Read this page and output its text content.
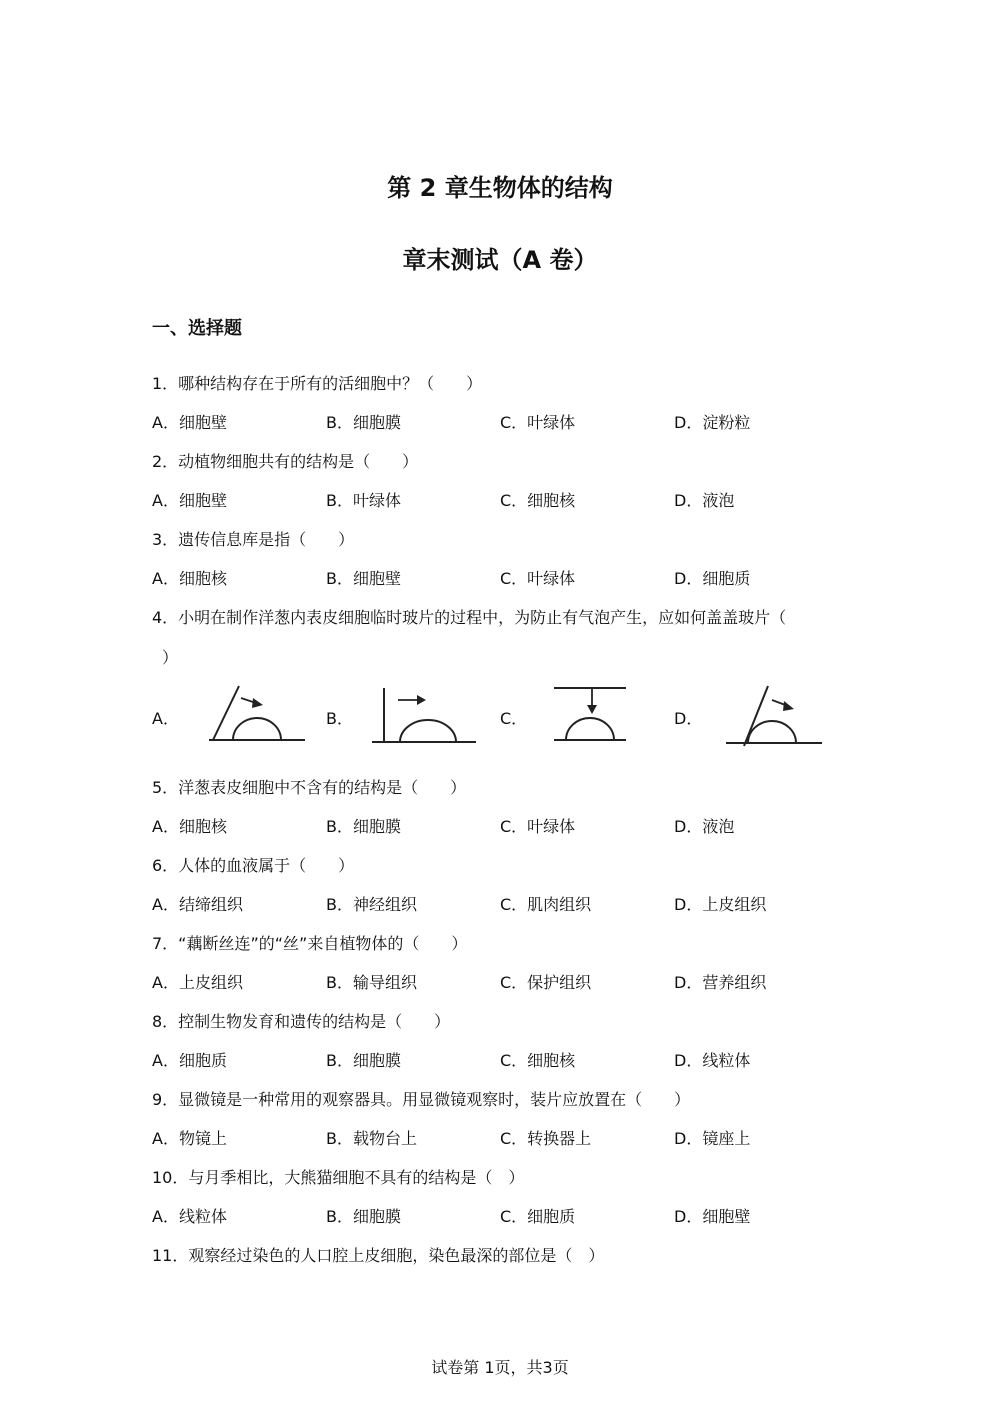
第 2 章生物体的结构
章末测试（A 卷）
一、选择题
1．哪种结构存在于所有的活细胞中？（　　）
A．细胞壁	B．细胞膜	C．叶绿体	D．淀粉粒
2．动植物细胞共有的结构是（　　）
A．细胞壁	B．叶绿体	C．细胞核	D．液泡
3．遗传信息库是指（　　）
A．细胞核	B．细胞壁	C．叶绿体	D．细胞质
4．小明在制作洋葱内表皮细胞临时玻片的过程中，为防止有气泡产生，应如何盖盖玻片（
）
A．	B．	C．	D．
5．洋葱表皮细胞中不含有的结构是（　　）
A．细胞核	B．细胞膜	C．叶绿体	D．液泡
6．人体的血液属于（　　）
A．结缔组织	B．神经组织	C．肌肉组织	D．上皮组织
7．“藕断丝连”的“丝”来自植物体的（　　）
A．上皮组织	B．输导组织	C．保护组织	D．营养组织
8．控制生物发育和遗传的结构是（　　）
A．细胞质	B．细胞膜	C．细胞核	D．线粒体
9．显微镜是一种常用的观察器具。用显微镜观察时，装片应放置在（　　）
A．物镜上	B．载物台上	C．转换器上	D．镜座上
10．与月季相比，大熊猫细胞不具有的结构是（　）
A．线粒体	B．细胞膜	C．细胞质	D．细胞壁
11．观察经过染色的人口腔上皮细胞，染色最深的部位是（　）
试卷第 1页，共3页
